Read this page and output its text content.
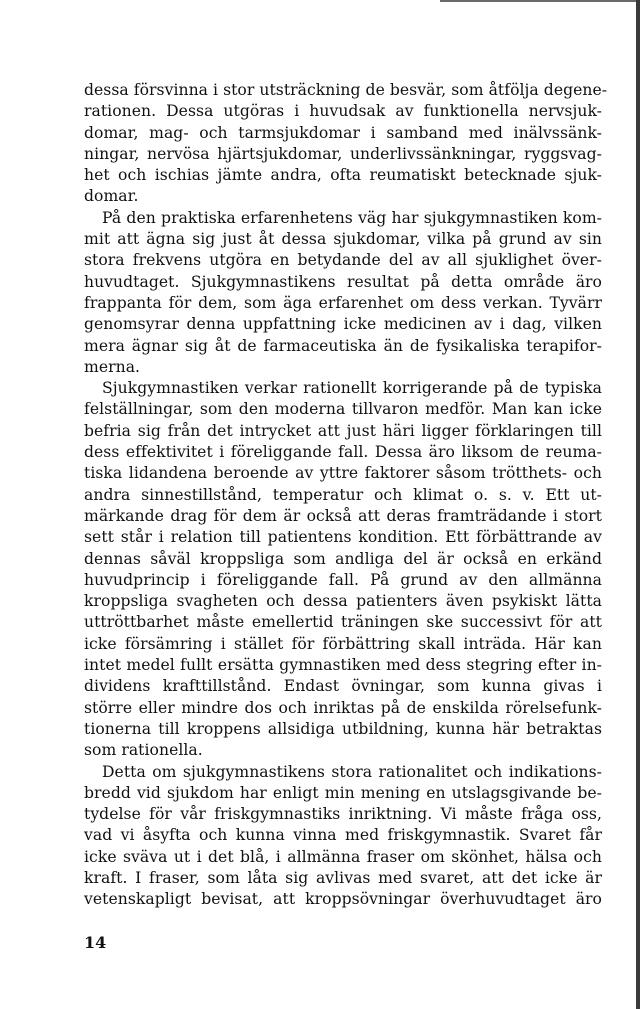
dessa försvinna i stor utsträckning de besvär, som åtfölja degene-
rationen. Dessa utgöras i huvudsak av funktionella nervsjuk-
domar, mag- och tarmsjukdomar i samband med inälvssänk-
ningar, nervösa hjärtsjukdomar, underlivssänkningar, ryggsvag-
het och ischias jämte andra, ofta reumatiskt betecknade sjuk-
domar.
På den praktiska erfarenhetens väg har sjukgymnastiken kom-
mit att ägna sig just åt dessa sjukdomar, vilka på grund av sin
stora frekvens utgöra en betydande del av all sjuklighet över-
huvudtaget. Sjukgymnastikens resultat på detta område äro
frappanta för dem, som äga erfarenhet om dess verkan. Tyvärr
genomsyrar denna uppfattning icke medicinen av i dag, vilken
mera ägnar sig åt de farmaceutiska än de fysikaliska terapifor-
merna.
Sjukgymnastiken verkar rationellt korrigerande på de typiska
felställningar, som den moderna tillvaron medför. Man kan icke
befria sig från det intrycket att just häri ligger förklaringen till
dess effektivitet i föreliggande fall. Dessa äro liksom de reuma-
tiska lidandena beroende av yttre faktorer såsom trötthets- och
andra sinnestillstånd, temperatur och klimat o. s. v. Ett ut-
märkande drag för dem är också att deras framträdande i stort
sett står i relation till patientens kondition. Ett förbättrande av
dennas såväl kroppsliga som andliga del är också en erkänd
huvudprincip i föreliggande fall. På grund av den allmänna
kroppsliga svagheten och dessa patienters även psykiskt lätta
uttröttbarhet måste emellertid träningen ske successivt för att
icke försämring i stället för förbättring skall inträda. Här kan
intet medel fullt ersätta gymnastiken med dess stegring efter in-
dividens krafttillstånd. Endast övningar, som kunna givas i
större eller mindre dos och inriktas på de enskilda rörelsefunk-
tionerna till kroppens allsidiga utbildning, kunna här betraktas
som rationella.
Detta om sjukgymnastikens stora rationalitet och indikations-
bredd vid sjukdom har enligt min mening en utslagsgivande be-
tydelse för vår friskgymnastiks inriktning. Vi måste fråga oss,
vad vi åsyfta och kunna vinna med friskgymnastik. Svaret får
icke sväva ut i det blå, i allmänna fraser om skönhet, hälsa och
kraft. I fraser, som låta sig avlivas med svaret, att det icke är
vetenskapligt bevisat, att kroppsövningar överhuvudtaget äro
14
